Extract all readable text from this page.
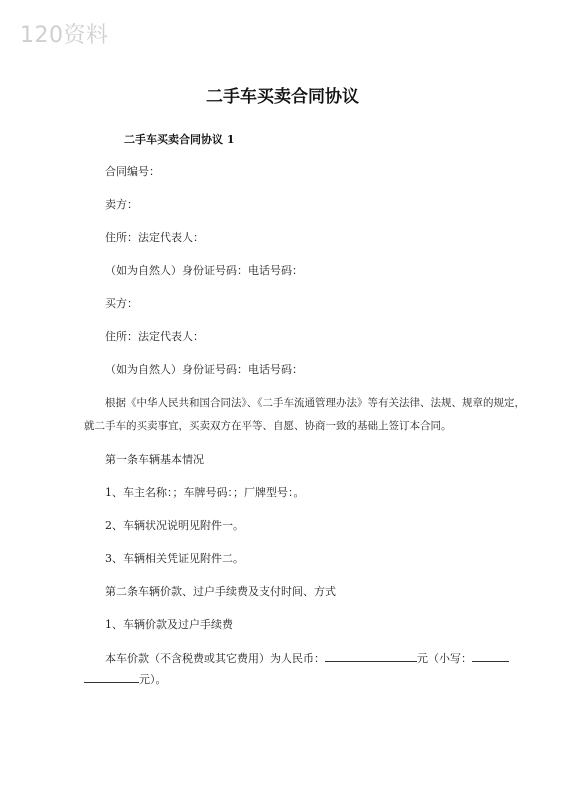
120资料
二手车买卖合同协议
二手车买卖合同协议 1
合同编号：
卖方：
住所：法定代表人：
（如为自然人）身份证号码：电话号码：
买方：
住所：法定代表人：
（如为自然人）身份证号码：电话号码：
根据《中华人民共和国合同法》、《二手车流通管理办法》等有关法律、法规、规章的规定，
就二手车的买卖事宜，买卖双方在平等、自愿、协商一致的基础上签订本合同。
第一条车辆基本情况
1、车主名称：；车牌号码：；厂牌型号：。
2、车辆状况说明见附件一。
3、车辆相关凭证见附件二。
第二条车辆价款、过户手续费及支付时间、方式
1、车辆价款及过户手续费
本车价款（不含税费或其它费用）为人民币：	元（小写：
元）。
